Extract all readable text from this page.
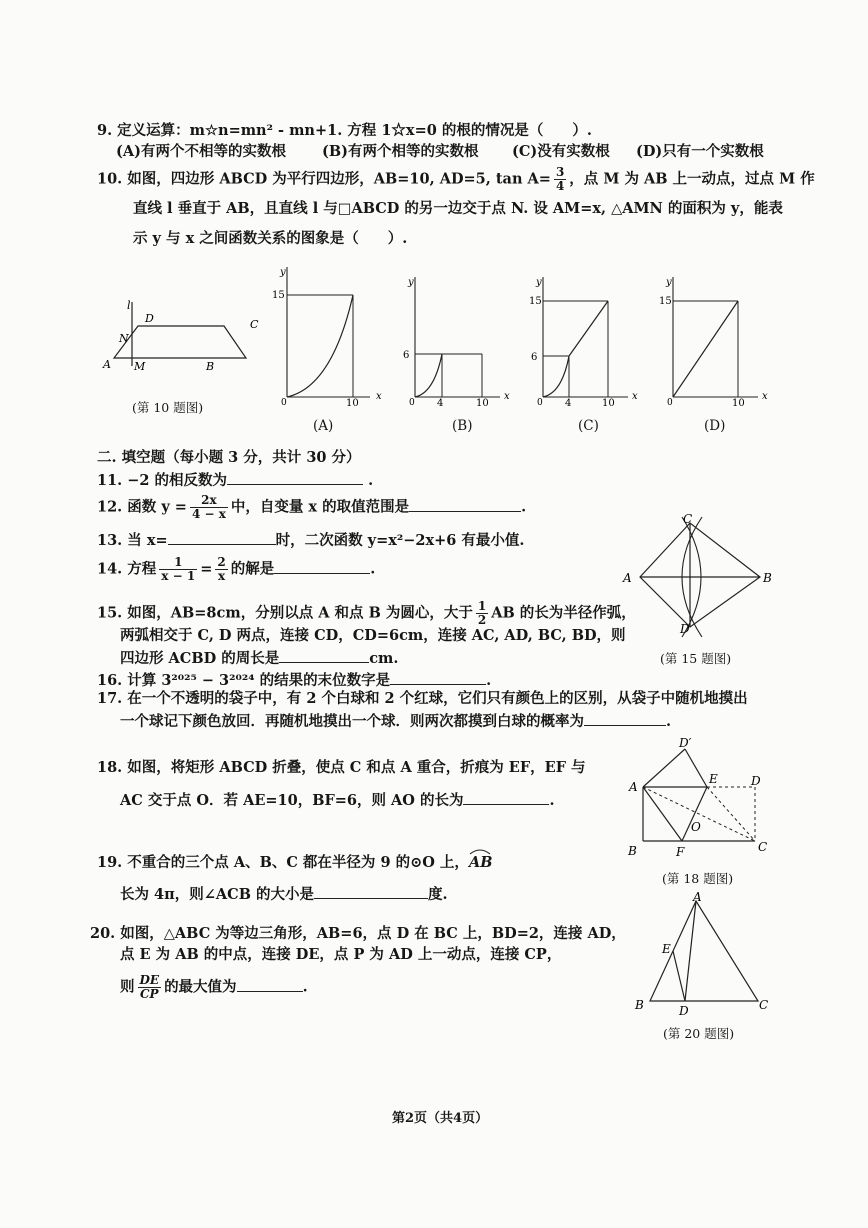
9. 定义运算：m☆n=mn² - mn+1. 方程 1☆x=0 的根的情况是（　　）.
(A)有两个不相等的实数根 (B)有两个相等的实数根 (C)没有实数根 (D)只有一个实数根
10. 如图，四边形 ABCD 为平行四边形，AB=10, AD=5, $\tan A= \frac{3}{4}$ ，点 M 为 AB 上一动点，过点 M 作
直线 l 垂直于 AB，且直线 l 与□ABCD 的另一边交于点 N. 设 AM=x, △AMN 的面积为 y，能表
示 y 与 x 之间函数关系的图象是（　　）.
l
N
D	C
A M	B
(第 10 题图)
y
x
0
15
10
(A)
y
x
0
6
4	10
(B)
y
x
0
15
6
4	10
(C)
y
x
0
15
10
(D)
二. 填空题（每小题 3 分，共计 30 分）
11. −2 的相反数为	.
12. 函数 $y = \frac{2x}{4 - x}$ 中，自变量 x 的取值范围是	.
13. 当 x=	时，二次函数 y=x²−2x+6 有最小值.
14. 方程 $\frac{1}{x - 1} = \frac{2}{x}$ 的解是	.
15. 如图，AB=8cm，分别以点 A 和点 B 为圆心，大于 $\frac{1}{2}$ AB 的长为半径作弧，
两弧相交于 C, D 两点，连接 CD，CD=6cm，连接 AC, AD, BC, BD，则
四边形 ACBD 的周长是	cm.
C
A	B
D
(第 15 题图)
16. 计算 3²⁰²⁵ − 3²⁰²⁴ 的结果的末位数字是	.
17. 在一个不透明的袋子中，有 2 个白球和 2 个红球，它们只有颜色上的区别，从袋子中随机地摸出
一个球记下颜色放回．再随机地摸出一个球．则两次都摸到白球的概率为	.
18. 如图，将矩形 ABCD 折叠，使点 C 和点 A 重合，折痕为 EF，EF 与
AC 交于点 O．若 AE=10，BF=6，则 AO 的长为	.
D′
A
E	D
O
B	F	C
(第 18 题图)
19. 不重合的三个点 A、B、C 都在半径为 9 的⊙O 上，
AB
长为 4π，则∠ACB 的大小是	度.
20. 如图，△ABC 为等边三角形，AB=6，点 D 在 BC 上，BD=2，连接 AD，
点 E 为 AB 的中点，连接 DE，点 P 为 AD 上一动点，连接 CP，
则 $\frac{DE}{CP}$ 的最大值为	.
A
E
B	D	C
(第 20 题图)
第2页（共4页）
